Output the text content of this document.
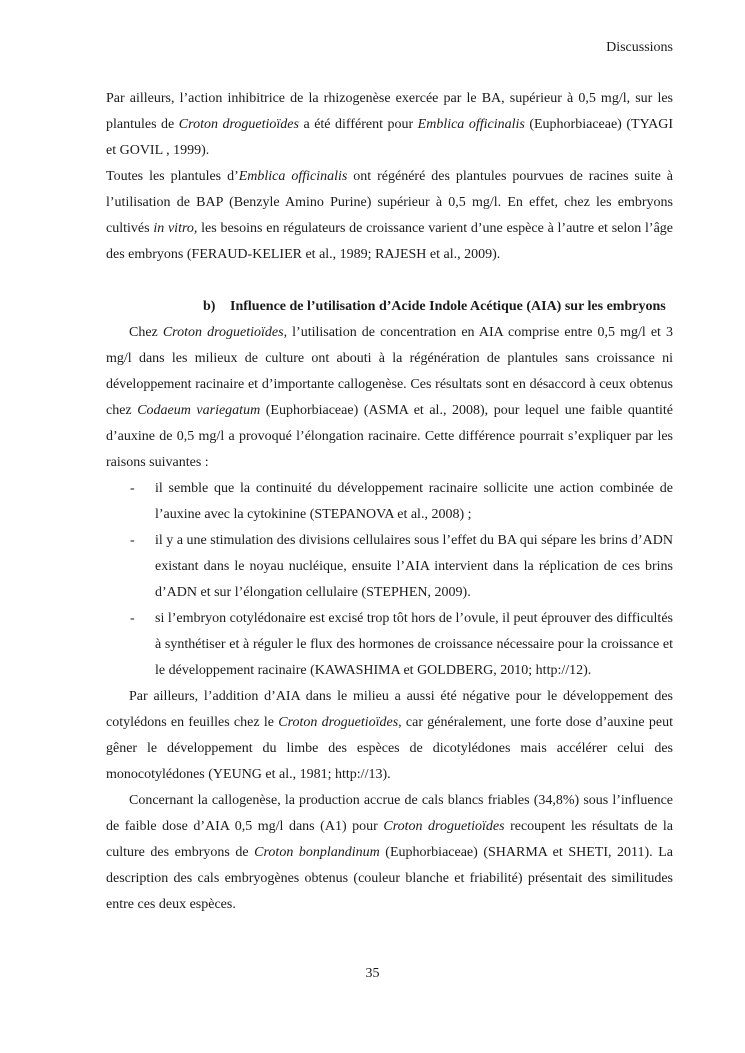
Discussions

Par ailleurs, l’action inhibitrice de la rhizogenèse exercée par le BA, supérieur à 0,5 mg/l, sur les plantules de Croton droguetioïdes a été différent pour Emblica officinalis (Euphorbiaceae) (TYAGI et GOVIL , 1999).

Toutes les plantules d’Emblica officinalis ont régénéré des plantules pourvues de racines suite à l’utilisation de BAP (Benzyle Amino Purine) supérieur à 0,5 mg/l. En effet, chez les embryons cultivés in vitro, les besoins en régulateurs de croissance varient d’une espèce à l’autre et selon l’âge des embryons (FERAUD-KELIER et al., 1989; RAJESH et al., 2009).

b)	Influence de l’utilisation d’Acide Indole Acétique (AIA) sur les embryons

Chez Croton droguetioïdes, l’utilisation de concentration en AIA comprise entre 0,5 mg/l et 3 mg/l dans les milieux de culture ont abouti à la régénération de plantules sans croissance ni développement racinaire et d’importante callogenèse. Ces résultats sont en désaccord à ceux obtenus chez Codaeum variegatum (Euphorbiaceae) (ASMA et al., 2008), pour lequel une faible quantité d’auxine de 0,5 mg/l a provoqué l’élongation racinaire. Cette différence pourrait s’expliquer par les raisons suivantes :

- il semble que la continuité du développement racinaire sollicite une action combinée de l’auxine avec la cytokinine (STEPANOVA et al., 2008) ;
- il y a une stimulation des divisions cellulaires sous l’effet du BA qui sépare les brins d’ADN existant dans le noyau nucléique, ensuite l’AIA intervient dans la réplication de ces brins d’ADN et sur l’élongation cellulaire (STEPHEN, 2009).
- si l’embryon cotylédonaire est excisé trop tôt hors de l’ovule, il peut éprouver des difficultés à synthétiser et à réguler le flux des hormones de croissance nécessaire pour la croissance et le développement racinaire (KAWASHIMA et GOLDBERG, 2010; http://12).

Par ailleurs, l’addition d’AIA dans le milieu a aussi été négative pour le développement des cotylédons en feuilles chez le Croton droguetioïdes, car généralement, une forte dose d’auxine peut gêner le développement du limbe des espèces de dicotylédones mais accélérer celui des monocotylédones (YEUNG et al., 1981; http://13).

Concernant la callogenèse, la production accrue de cals blancs friables (34,8%) sous l’influence de faible dose d’AIA 0,5 mg/l dans (A1) pour Croton droguetioïdes recoupent les résultats de la culture des embryons de Croton bonplandinum (Euphorbiaceae) (SHARMA et SHETI, 2011). La description des cals embryogènes obtenus (couleur blanche et friabilité) présentait des similitudes entre ces deux espèces.

35
